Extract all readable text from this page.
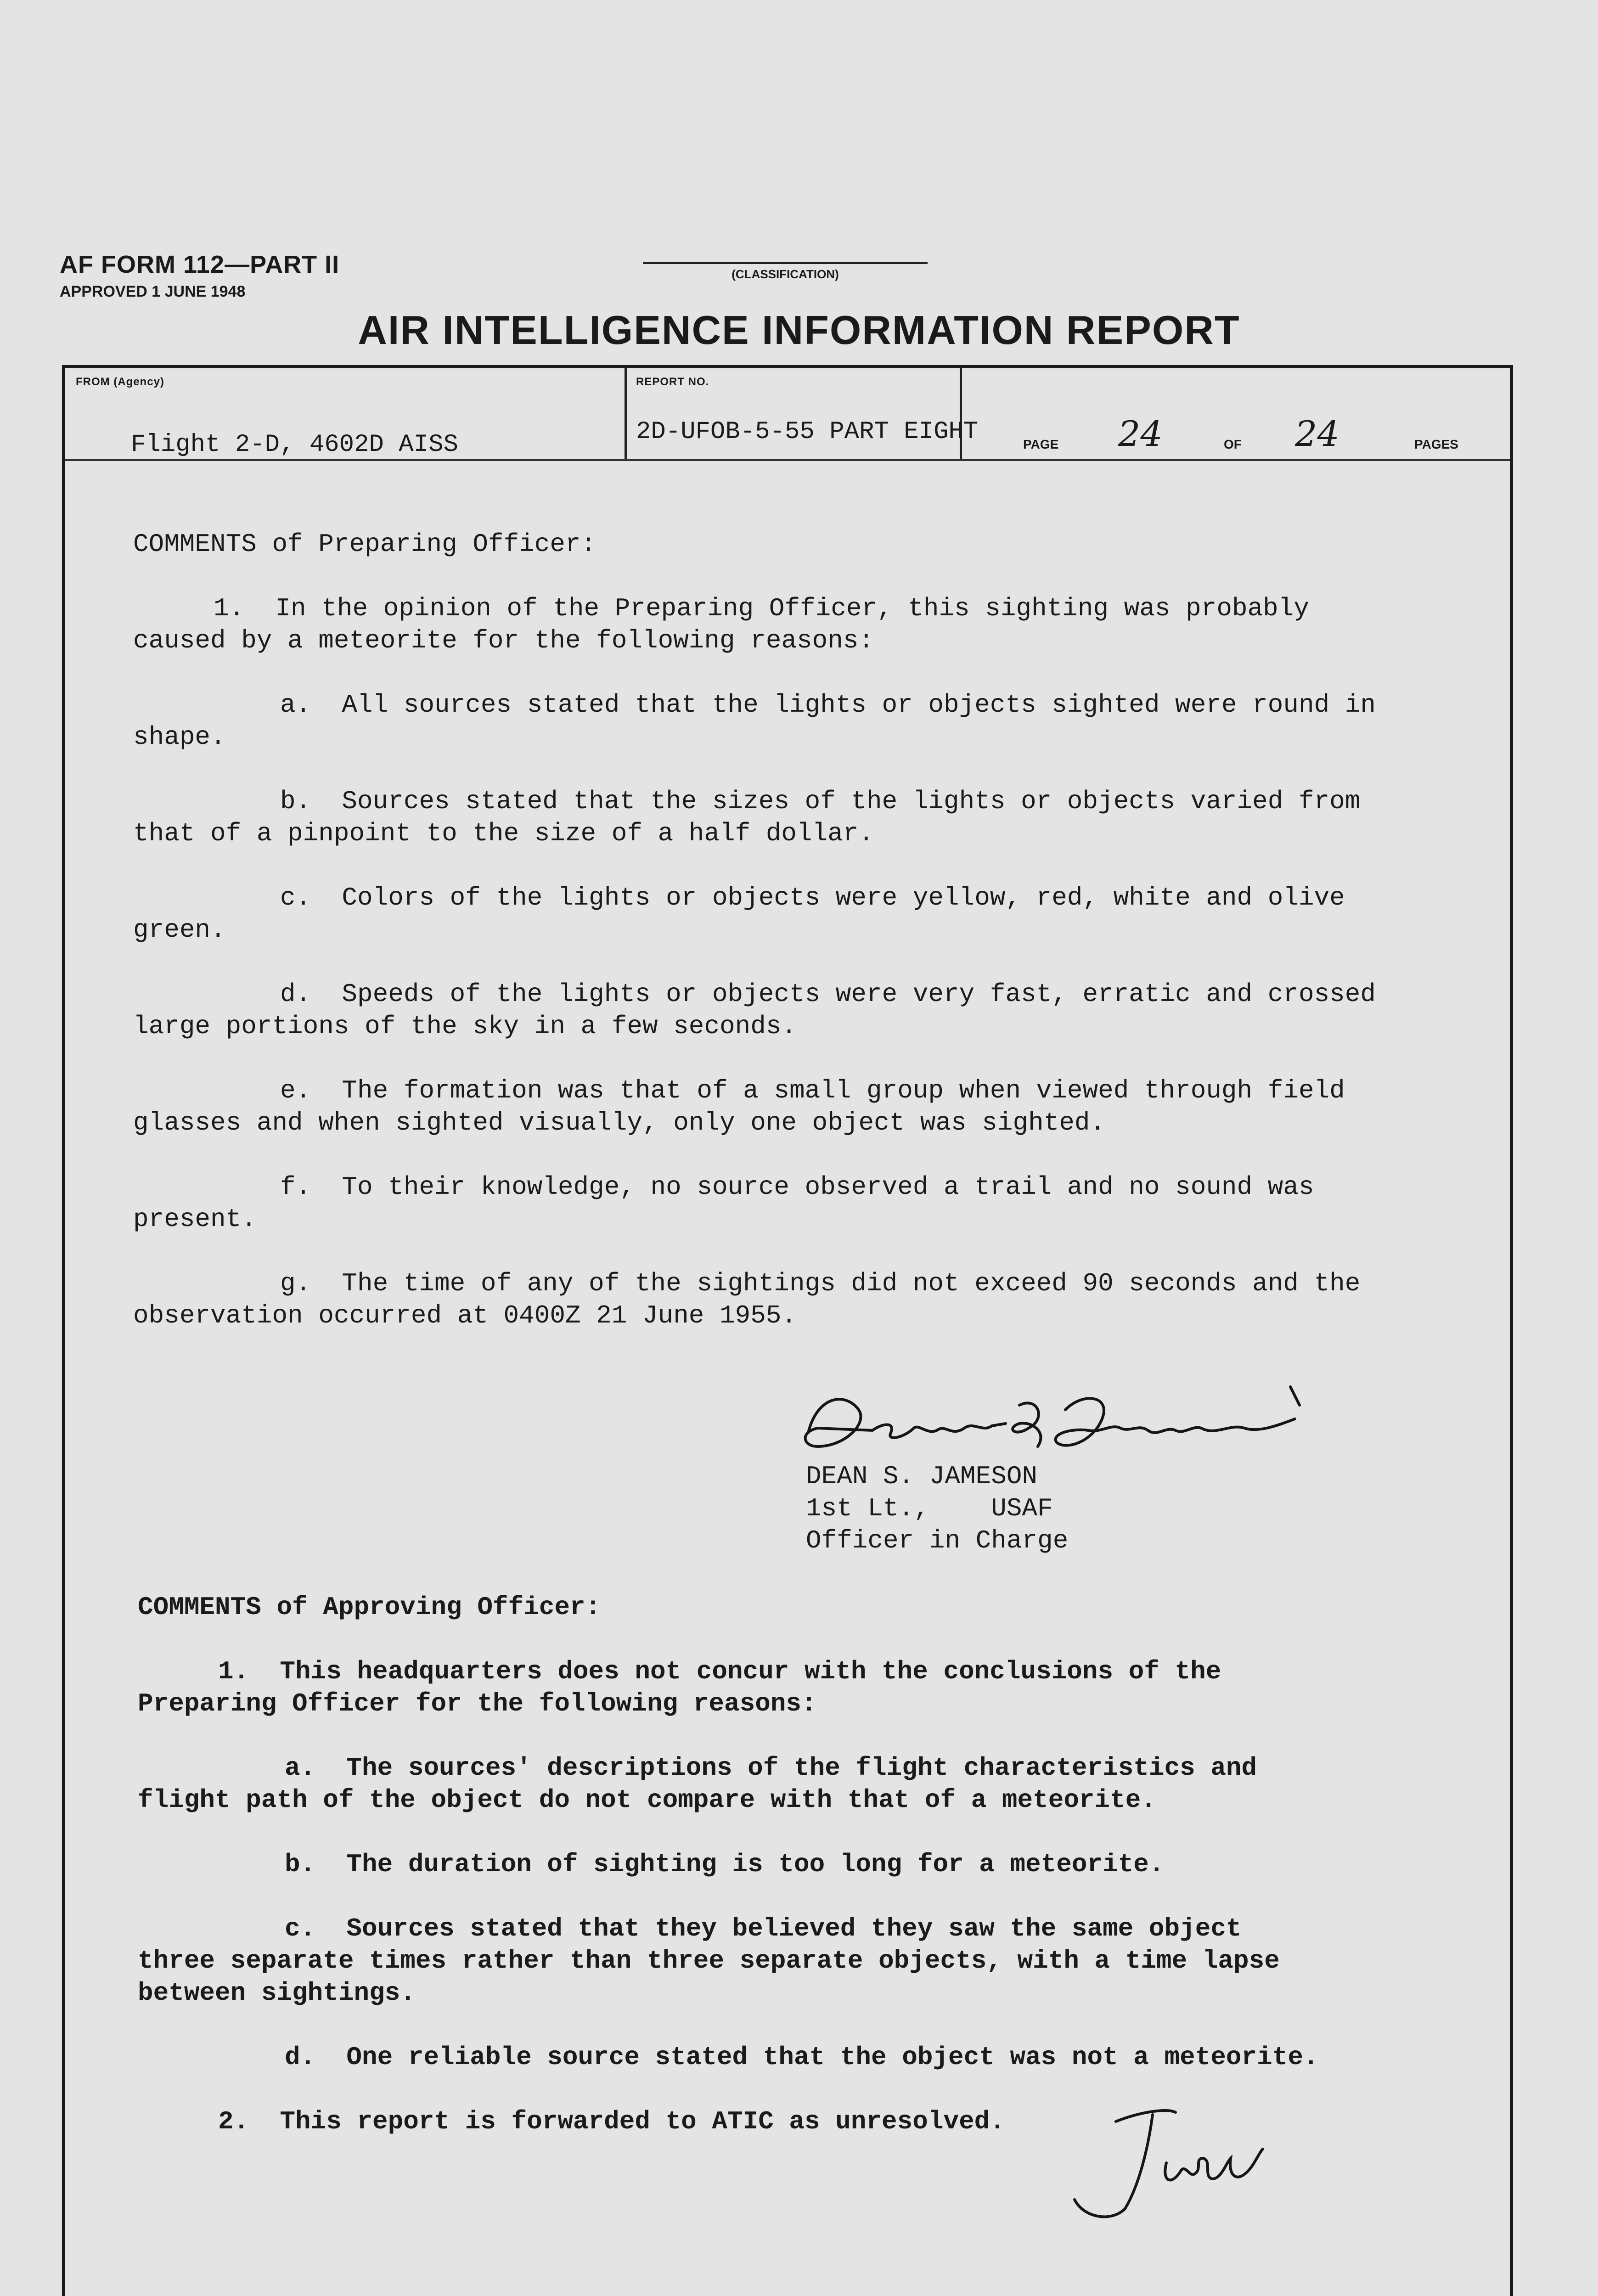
AF FORM 112—PART II
APPROVED 1 JUNE 1948
(CLASSIFICATION)
AIR INTELLIGENCE INFORMATION REPORT
FROM (Agency)	REPORT NO.
Flight 2-D, 4602D AISS	2D-UFOB-5-55 PART EIGHT	PAGE 24	OF 24	PAGES
COMMENTS of Preparing Officer:
1.  In the opinion of the Preparing Officer, this sighting was probably
caused by a meteorite for the following reasons:
a.  All sources stated that the lights or objects sighted were round in
shape.
b.  Sources stated that the sizes of the lights or objects varied from
that of a pinpoint to the size of a half dollar.
c.  Colors of the lights or objects were yellow, red, white and olive
green.
d.  Speeds of the lights or objects were very fast, erratic and crossed
large portions of the sky in a few seconds.
e.  The formation was that of a small group when viewed through field
glasses and when sighted visually, only one object was sighted.
f.  To their knowledge, no source observed a trail and no sound was
present.
g.  The time of any of the sightings did not exceed 90 seconds and the
observation occurred at 0400Z 21 June 1955.
DEAN S. JAMESON
1st Lt.,    USAF
Officer in Charge
COMMENTS of Approving Officer:
1.  This headquarters does not concur with the conclusions of the
Preparing Officer for the following reasons:
a.  The sources' descriptions of the flight characteristics and
flight path of the object do not compare with that of a meteorite.
b.  The duration of sighting is too long for a meteorite.
c.  Sources stated that they believed they saw the same object
three separate times rather than three separate objects, with a time lapse
between sightings.
d.  One reliable source stated that the object was not a meteorite.
2.  This report is forwarded to ATIC as unresolved.
